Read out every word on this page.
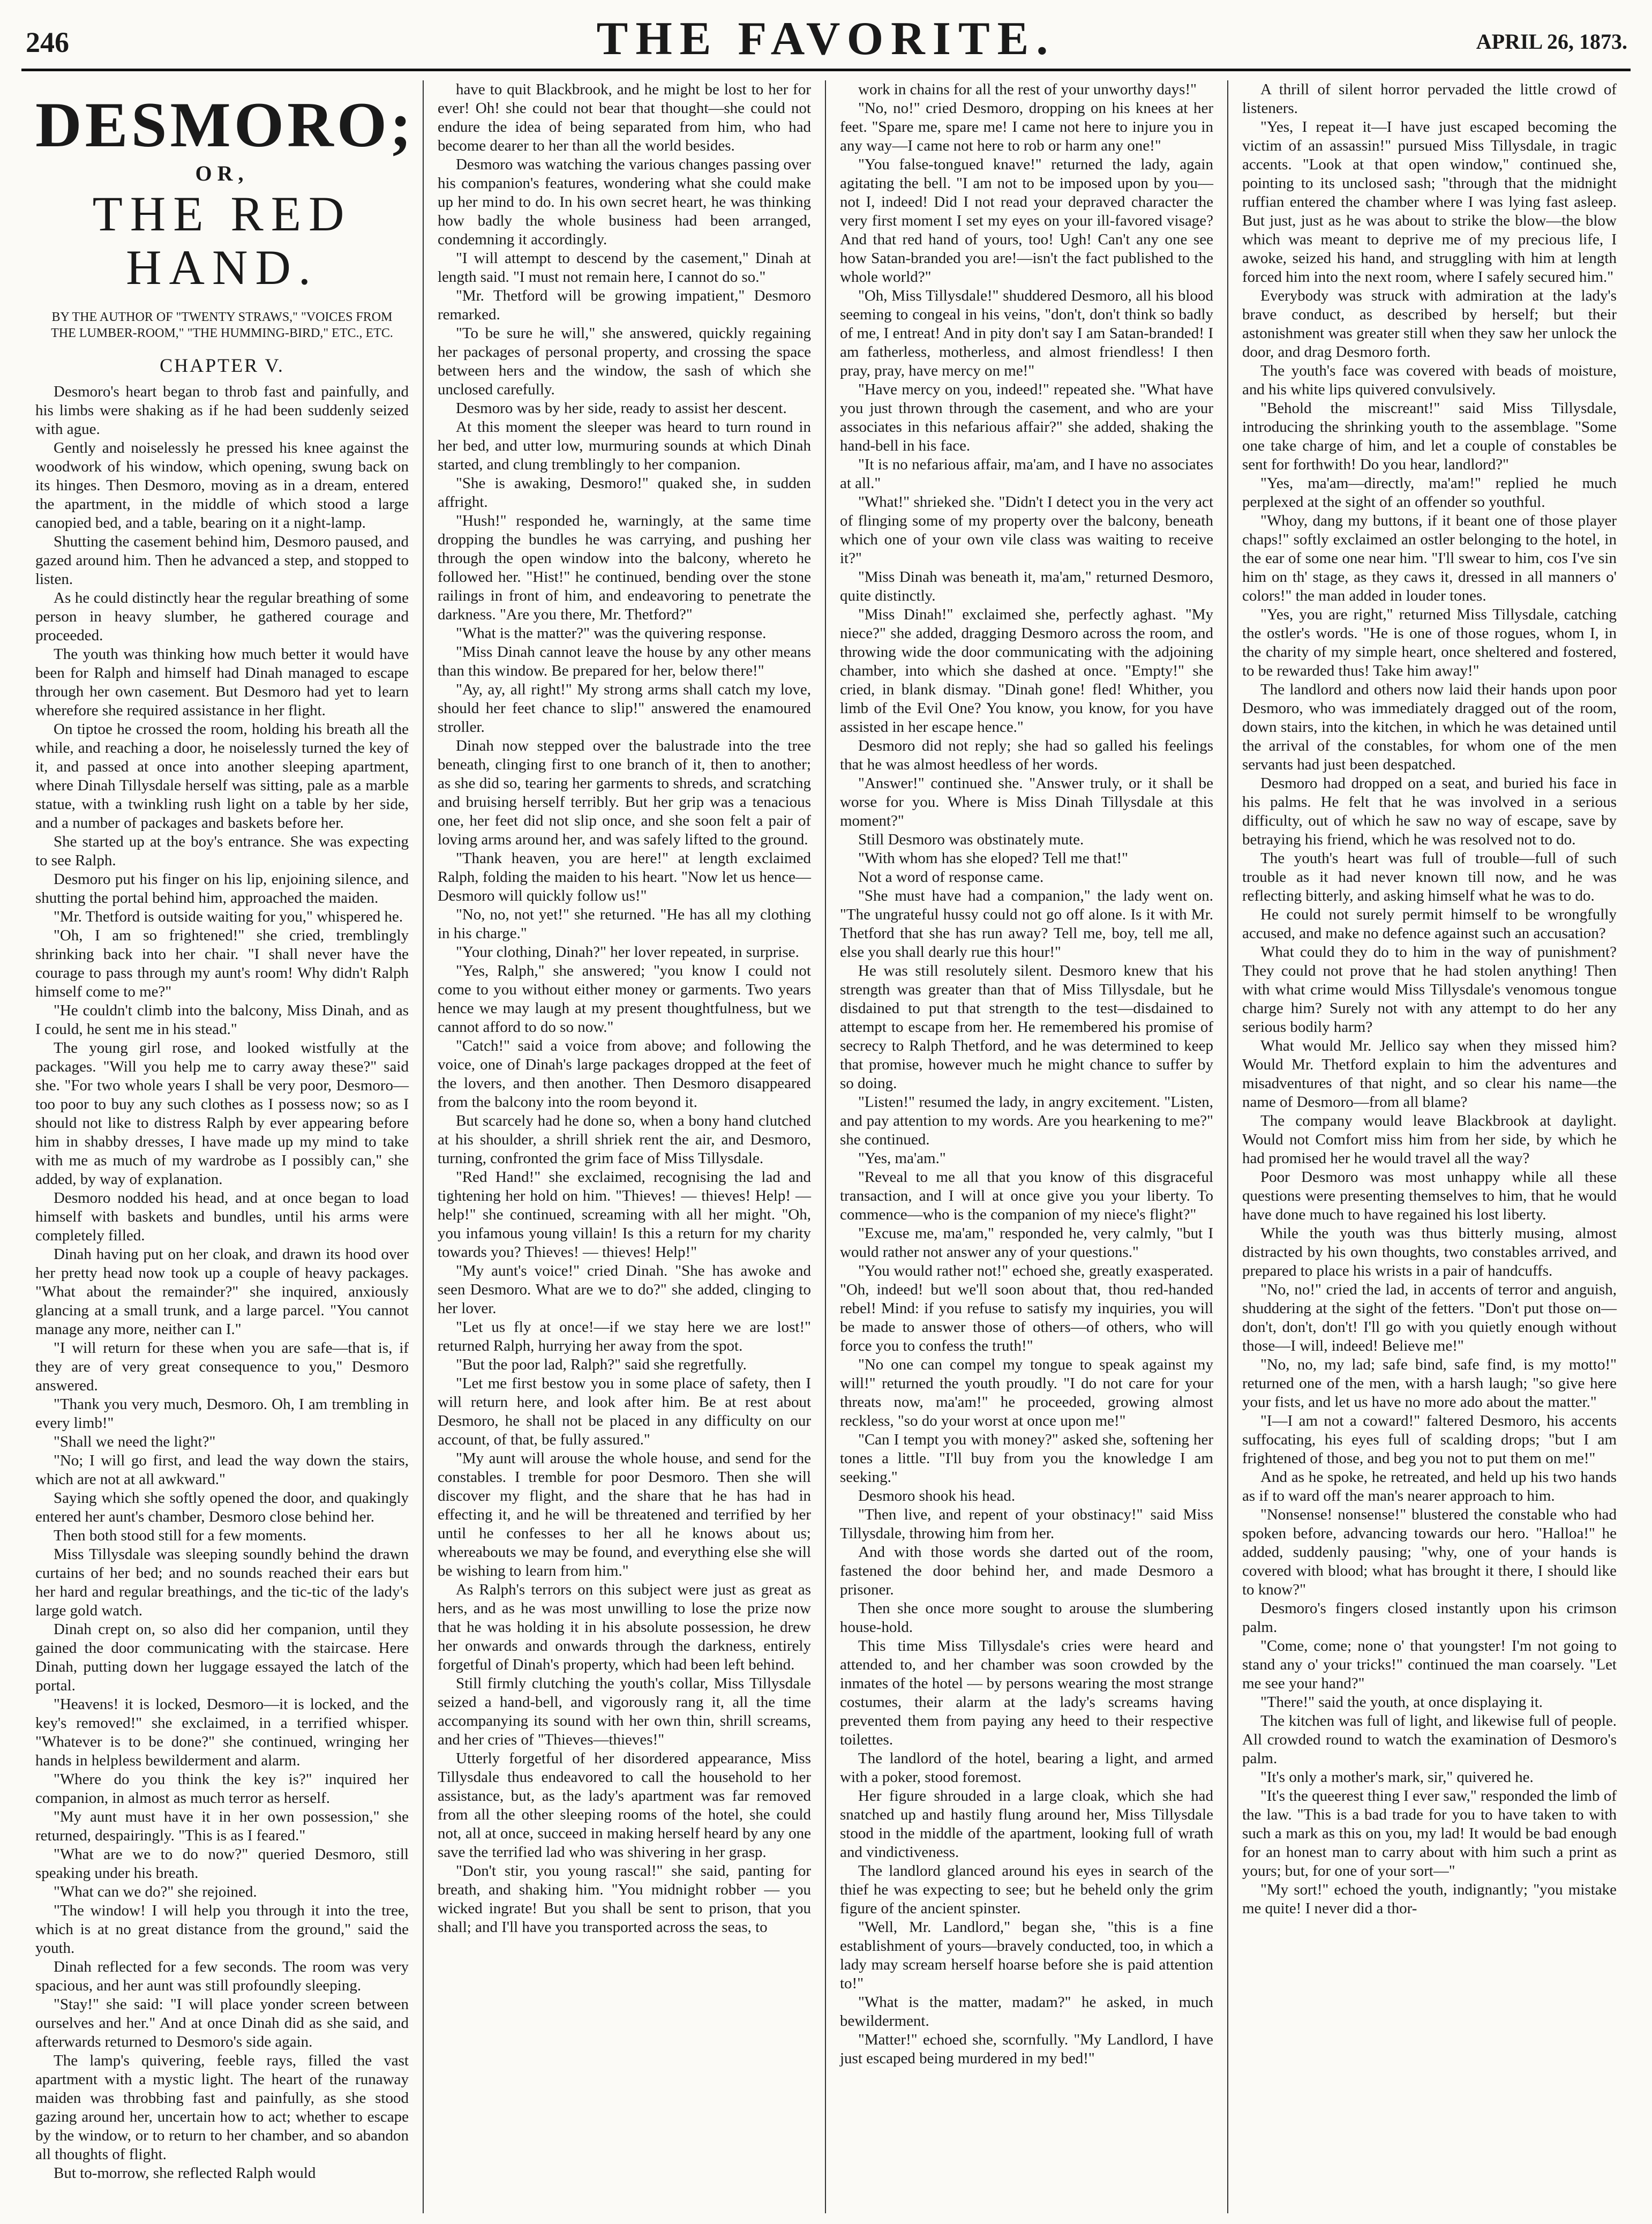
246	THE FAVORITE.	APRIL 26, 1873.
DESMORO;
OR,
THE RED HAND.
BY THE AUTHOR OF "TWENTY STRAWS," "VOICES FROM THE LUMBER-ROOM," "THE HUMMING-BIRD," ETC., ETC.
CHAPTER V.

Desmoro's heart began to throb fast and painfully, and his limbs were shaking as if he had been suddenly seized with ague.

Gently and noiselessly he pressed his knee against the woodwork of his window, which opening, swung back on its hinges. Then Desmoro, moving as in a dream, entered the apartment, in the middle of which stood a large canopied bed, and a table, bearing on it a night-lamp.

Shutting the casement behind him, Desmoro paused, and gazed around him. Then he advanced a step, and stopped to listen.

As he could distinctly hear the regular breathing of some person in heavy slumber, he gathered courage and proceeded.

The youth was thinking how much better it would have been for Ralph and himself had Dinah managed to escape through her own casement. But Desmoro had yet to learn wherefore she required assistance in her flight.

On tiptoe he crossed the room, holding his breath all the while, and reaching a door, he noiselessly turned the key of it, and passed at once into another sleeping apartment, where Dinah Tillysdale herself was sitting, pale as a marble statue, with a twinkling rush light on a table by her side, and a number of packages and baskets before her.

She started up at the boy's entrance. She was expecting to see Ralph.

Desmoro put his finger on his lip, enjoining silence, and shutting the portal behind him, approached the maiden.

"Mr. Thetford is outside waiting for you," whispered he.

"Oh, I am so frightened!" she cried, tremblingly shrinking back into her chair. "I shall never have the courage to pass through my aunt's room! Why didn't Ralph himself come to me?"

"He couldn't climb into the balcony, Miss Dinah, and as I could, he sent me in his stead."

The young girl rose, and looked wistfully at the packages. "Will you help me to carry away these?" said she. "For two whole years I shall be very poor, Desmoro—too poor to buy any such clothes as I possess now; so as I should not like to distress Ralph by ever appearing before him in shabby dresses, I have made up my mind to take with me as much of my wardrobe as I possibly can," she added, by way of explanation.

Desmoro nodded his head, and at once began to load himself with baskets and bundles, until his arms were completely filled.

Dinah having put on her cloak, and drawn its hood over her pretty head now took up a couple of heavy packages. "What about the remainder?" she inquired, anxiously glancing at a small trunk, and a large parcel. "You cannot manage any more, neither can I."

"I will return for these when you are safe—that is, if they are of very great consequence to you," Desmoro answered.

"Thank you very much, Desmoro. Oh, I am trembling in every limb!"

"Shall we need the light?"

"No; I will go first, and lead the way down the stairs, which are not at all awkward."

Saying which she softly opened the door, and quakingly entered her aunt's chamber, Desmoro close behind her.

Then both stood still for a few moments.

Miss Tillysdale was sleeping soundly behind the drawn curtains of her bed; and no sounds reached their ears but her hard and regular breathings, and the tic-tic of the lady's large gold watch.

Dinah crept on, so also did her companion, until they gained the door communicating with the staircase. Here Dinah, putting down her luggage essayed the latch of the portal.

"Heavens! it is locked, Desmoro—it is locked, and the key's removed!" she exclaimed, in a terrified whisper. "Whatever is to be done?" she continued, wringing her hands in helpless bewilderment and alarm.

"Where do you think the key is?" inquired her companion, in almost as much terror as herself.

"My aunt must have it in her own possession," she returned, despairingly. "This is as I feared."

"What are we to do now?" queried Desmoro, still speaking under his breath.

"What can we do?" she rejoined.

"The window! I will help you through it into the tree, which is at no great distance from the ground," said the youth.

Dinah reflected for a few seconds. The room was very spacious, and her aunt was still profoundly sleeping.

"Stay!" she said: "I will place yonder screen between ourselves and her." And at once Dinah did as she said, and afterwards returned to Desmoro's side again.

The lamp's quivering, feeble rays, filled the vast apartment with a mystic light. The heart of the runaway maiden was throbbing fast and painfully, as she stood gazing around her, uncertain how to act; whether to escape by the window, or to return to her chamber, and so abandon all thoughts of flight.

But to-morrow, she reflected Ralph would

have to quit Blackbrook, and he might be lost to her for ever! Oh! she could not bear that thought—she could not endure the idea of being separated from him, who had become dearer to her than all the world besides.

Desmoro was watching the various changes passing over his companion's features, wondering what she could make up her mind to do. In his own secret heart, he was thinking how badly the whole business had been arranged, condemning it accordingly.

"I will attempt to descend by the casement," Dinah at length said. "I must not remain here, I cannot do so."

"Mr. Thetford will be growing impatient," Desmoro remarked.

"To be sure he will," she answered, quickly regaining her packages of personal property, and crossing the space between hers and the window, the sash of which she unclosed carefully.

Desmoro was by her side, ready to assist her descent.

At this moment the sleeper was heard to turn round in her bed, and utter low, murmuring sounds at which Dinah started, and clung tremblingly to her companion.

"She is awaking, Desmoro!" quaked she, in sudden affright.

"Hush!" responded he, warningly, at the same time dropping the bundles he was carrying, and pushing her through the open window into the balcony, whereto he followed her. "Hist!" he continued, bending over the stone railings in front of him, and endeavoring to penetrate the darkness. "Are you there, Mr. Thetford?"

"What is the matter?" was the quivering response.

"Miss Dinah cannot leave the house by any other means than this window. Be prepared for her, below there!"

"Ay, ay, all right!" My strong arms shall catch my love, should her feet chance to slip!" answered the enamoured stroller.

Dinah now stepped over the balustrade into the tree beneath, clinging first to one branch of it, then to another; as she did so, tearing her garments to shreds, and scratching and bruising herself terribly. But her grip was a tenacious one, her feet did not slip once, and she soon felt a pair of loving arms around her, and was safely lifted to the ground.

"Thank heaven, you are here!" at length exclaimed Ralph, folding the maiden to his heart. "Now let us hence—Desmoro will quickly follow us!"

"No, no, not yet!" she returned. "He has all my clothing in his charge."

"Your clothing, Dinah?" her lover repeated, in surprise.

"Yes, Ralph," she answered; "you know I could not come to you without either money or garments. Two years hence we may laugh at my present thoughtfulness, but we cannot afford to do so now."

"Catch!" said a voice from above; and following the voice, one of Dinah's large packages dropped at the feet of the lovers, and then another. Then Desmoro disappeared from the balcony into the room beyond it.

But scarcely had he done so, when a bony hand clutched at his shoulder, a shrill shriek rent the air, and Desmoro, turning, confronted the grim face of Miss Tillysdale.

"Red Hand!" she exclaimed, recognising the lad and tightening her hold on him. "Thieves! — thieves! Help! — help!" she continued, screaming with all her might. "Oh, you infamous young villain! Is this a return for my charity towards you? Thieves! — thieves! Help!"

"My aunt's voice!" cried Dinah. "She has awoke and seen Desmoro. What are we to do?" she added, clinging to her lover.

"Let us fly at once!—if we stay here we are lost!" returned Ralph, hurrying her away from the spot.

"But the poor lad, Ralph?" said she regretfully.

"Let me first bestow you in some place of safety, then I will return here, and look after him. Be at rest about Desmoro, he shall not be placed in any difficulty on our account, of that, be fully assured."

"My aunt will arouse the whole house, and send for the constables. I tremble for poor Desmoro. Then she will discover my flight, and the share that he has had in effecting it, and he will be threatened and terrified by her until he confesses to her all he knows about us; whereabouts we may be found, and everything else she will be wishing to learn from him."

As Ralph's terrors on this subject were just as great as hers, and as he was most unwilling to lose the prize now that he was holding it in his absolute possession, he drew her onwards and onwards through the darkness, entirely forgetful of Dinah's property, which had been left behind.

Still firmly clutching the youth's collar, Miss Tillysdale seized a hand-bell, and vigorously rang it, all the time accompanying its sound with her own thin, shrill screams, and her cries of "Thieves—thieves!"

Utterly forgetful of her disordered appearance, Miss Tillysdale thus endeavored to call the household to her assistance, but, as the lady's apartment was far removed from all the other sleeping rooms of the hotel, she could not, all at once, succeed in making herself heard by any one save the terrified lad who was shivering in her grasp.

"Don't stir, you young rascal!" she said, panting for breath, and shaking him. "You midnight robber — you wicked ingrate! But you shall be sent to prison, that you shall; and I'll have you transported across the seas, to

work in chains for all the rest of your unworthy days!"

"No, no!" cried Desmoro, dropping on his knees at her feet. "Spare me, spare me! I came not here to injure you in any way—I came not here to rob or harm any one!"

"You false-tongued knave!" returned the lady, again agitating the bell. "I am not to be imposed upon by you—not I, indeed! Did I not read your depraved character the very first moment I set my eyes on your ill-favored visage? And that red hand of yours, too! Ugh! Can't any one see how Satan-branded you are!—isn't the fact published to the whole world?"

"Oh, Miss Tillysdale!" shuddered Desmoro, all his blood seeming to congeal in his veins, "don't, don't think so badly of me, I entreat! And in pity don't say I am Satan-branded! I am fatherless, motherless, and almost friendless! I then pray, pray, have mercy on me!"

"Have mercy on you, indeed!" repeated she. "What have you just thrown through the casement, and who are your associates in this nefarious affair?" she added, shaking the hand-bell in his face.

"It is no nefarious affair, ma'am, and I have no associates at all."

"What!" shrieked she. "Didn't I detect you in the very act of flinging some of my property over the balcony, beneath which one of your own vile class was waiting to receive it?"

"Miss Dinah was beneath it, ma'am," returned Desmoro, quite distinctly.

"Miss Dinah!" exclaimed she, perfectly aghast. "My niece?" she added, dragging Desmoro across the room, and throwing wide the door communicating with the adjoining chamber, into which she dashed at once. "Empty!" she cried, in blank dismay. "Dinah gone! fled! Whither, you limb of the Evil One? You know, you know, for you have assisted in her escape hence."

Desmoro did not reply; she had so galled his feelings that he was almost heedless of her words.

"Answer!" continued she. "Answer truly, or it shall be worse for you. Where is Miss Dinah Tillysdale at this moment?"

Still Desmoro was obstinately mute.

"With whom has she eloped? Tell me that!"

Not a word of response came.

"She must have had a companion," the lady went on. "The ungrateful hussy could not go off alone. Is it with Mr. Thetford that she has run away? Tell me, boy, tell me all, else you shall dearly rue this hour!"

He was still resolutely silent. Desmoro knew that his strength was greater than that of Miss Tillysdale, but he disdained to put that strength to the test—disdained to attempt to escape from her. He remembered his promise of secrecy to Ralph Thetford, and he was determined to keep that promise, however much he might chance to suffer by so doing.

"Listen!" resumed the lady, in angry excitement. "Listen, and pay attention to my words. Are you hearkening to me?" she continued.

"Yes, ma'am."

"Reveal to me all that you know of this disgraceful transaction, and I will at once give you your liberty. To commence—who is the companion of my niece's flight?"

"Excuse me, ma'am," responded he, very calmly, "but I would rather not answer any of your questions."

"You would rather not!" echoed she, greatly exasperated. "Oh, indeed! but we'll soon about that, thou red-handed rebel! Mind: if you refuse to satisfy my inquiries, you will be made to answer those of others—of others, who will force you to confess the truth!"

"No one can compel my tongue to speak against my will!" returned the youth proudly. "I do not care for your threats now, ma'am!" he proceeded, growing almost reckless, "so do your worst at once upon me!"

"Can I tempt you with money?" asked she, softening her tones a little. "I'll buy from you the knowledge I am seeking."

Desmoro shook his head.

"Then live, and repent of your obstinacy!" said Miss Tillysdale, throwing him from her.

And with those words she darted out of the room, fastened the door behind her, and made Desmoro a prisoner.

Then she once more sought to arouse the slumbering house-hold.

This time Miss Tillysdale's cries were heard and attended to, and her chamber was soon crowded by the inmates of the hotel — by persons wearing the most strange costumes, their alarm at the lady's screams having prevented them from paying any heed to their respective toilettes.

The landlord of the hotel, bearing a light, and armed with a poker, stood foremost.

Her figure shrouded in a large cloak, which she had snatched up and hastily flung around her, Miss Tillysdale stood in the middle of the apartment, looking full of wrath and vindictiveness.

The landlord glanced around his eyes in search of the thief he was expecting to see; but he beheld only the grim figure of the ancient spinster.

"Well, Mr. Landlord," began she, "this is a fine establishment of yours—bravely conducted, too, in which a lady may scream herself hoarse before she is paid attention to!"

"What is the matter, madam?" he asked, in much bewilderment.

"Matter!" echoed she, scornfully. "My Landlord, I have just escaped being murdered in my bed!"

A thrill of silent horror pervaded the little crowd of listeners.

"Yes, I repeat it—I have just escaped becoming the victim of an assassin!" pursued Miss Tillysdale, in tragic accents. "Look at that open window," continued she, pointing to its unclosed sash; "through that the midnight ruffian entered the chamber where I was lying fast asleep. But just, just as he was about to strike the blow—the blow which was meant to deprive me of my precious life, I awoke, seized his hand, and struggling with him at length forced him into the next room, where I safely secured him."

Everybody was struck with admiration at the lady's brave conduct, as described by herself; but their astonishment was greater still when they saw her unlock the door, and drag Desmoro forth.

The youth's face was covered with beads of moisture, and his white lips quivered convulsively.

"Behold the miscreant!" said Miss Tillysdale, introducing the shrinking youth to the assemblage. "Some one take charge of him, and let a couple of constables be sent for forthwith! Do you hear, landlord?"

"Yes, ma'am—directly, ma'am!" replied he much perplexed at the sight of an offender so youthful.

"Whoy, dang my buttons, if it beant one of those player chaps!" softly exclaimed an ostler belonging to the hotel, in the ear of some one near him. "I'll swear to him, cos I've sin him on th' stage, as they caws it, dressed in all manners o' colors!" the man added in louder tones.

"Yes, you are right," returned Miss Tillysdale, catching the ostler's words. "He is one of those rogues, whom I, in the charity of my simple heart, once sheltered and fostered, to be rewarded thus! Take him away!"

The landlord and others now laid their hands upon poor Desmoro, who was immediately dragged out of the room, down stairs, into the kitchen, in which he was detained until the arrival of the constables, for whom one of the men servants had just been despatched.

Desmoro had dropped on a seat, and buried his face in his palms. He felt that he was involved in a serious difficulty, out of which he saw no way of escape, save by betraying his friend, which he was resolved not to do.

The youth's heart was full of trouble—full of such trouble as it had never known till now, and he was reflecting bitterly, and asking himself what he was to do.

He could not surely permit himself to be wrongfully accused, and make no defence against such an accusation?

What could they do to him in the way of punishment? They could not prove that he had stolen anything! Then with what crime would Miss Tillysdale's venomous tongue charge him? Surely not with any attempt to do her any serious bodily harm?

What would Mr. Jellico say when they missed him? Would Mr. Thetford explain to him the adventures and misadventures of that night, and so clear his name—the name of Desmoro—from all blame?

The company would leave Blackbrook at daylight. Would not Comfort miss him from her side, by which he had promised her he would travel all the way?

Poor Desmoro was most unhappy while all these questions were presenting themselves to him, that he would have done much to have regained his lost liberty.

While the youth was thus bitterly musing, almost distracted by his own thoughts, two constables arrived, and prepared to place his wrists in a pair of handcuffs.

"No, no!" cried the lad, in accents of terror and anguish, shuddering at the sight of the fetters. "Don't put those on—don't, don't, don't! I'll go with you quietly enough without those—I will, indeed! Believe me!"

"No, no, my lad; safe bind, safe find, is my motto!" returned one of the men, with a harsh laugh; "so give here your fists, and let us have no more ado about the matter."

"I—I am not a coward!" faltered Desmoro, his accents suffocating, his eyes full of scalding drops; "but I am frightened of those, and beg you not to put them on me!"

And as he spoke, he retreated, and held up his two hands as if to ward off the man's nearer approach to him.

"Nonsense! nonsense!" blustered the constable who had spoken before, advancing towards our hero. "Halloa!" he added, suddenly pausing; "why, one of your hands is covered with blood; what has brought it there, I should like to know?"

Desmoro's fingers closed instantly upon his crimson palm.

"Come, come; none o' that youngster! I'm not going to stand any o' your tricks!" continued the man coarsely. "Let me see your hand?"

"There!" said the youth, at once displaying it.

The kitchen was full of light, and likewise full of people. All crowded round to watch the examination of Desmoro's palm.

"It's only a mother's mark, sir," quivered he.

"It's the queerest thing I ever saw," responded the limb of the law. "This is a bad trade for you to have taken to with such a mark as this on you, my lad! It would be bad enough for an honest man to carry about with him such a print as yours; but, for one of your sort—"

"My sort!" echoed the youth, indignantly; "you mistake me quite! I never did a thor-
